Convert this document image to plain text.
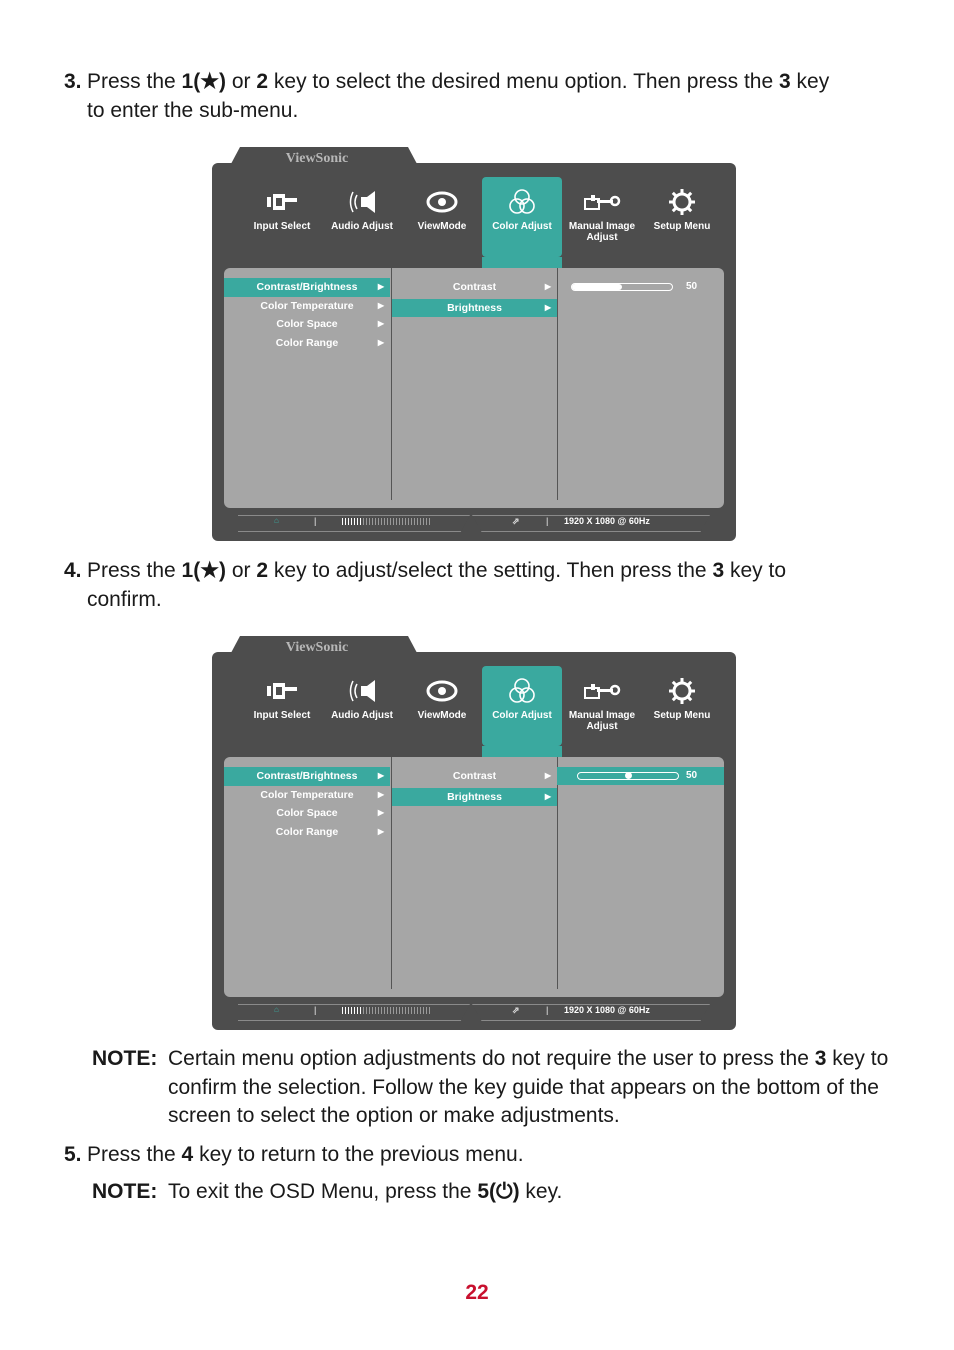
3. Press the 1(★) or 2 key to select the desired menu option. Then press the 3 key
to enter the sub-menu.
ViewSonic
Input Select	Audio Adjust	ViewMode	Color Adjust	Manual Image Adjust
Setup Menu
Contrast/Brightness	▶
Color Temperature	▶
Color Space	▶
Color Range	▶
Contrast	▶
Brightness	▶
50
⌂	|	⇗	| 1920 X 1080 @ 60Hz
4. Press the 1(★) or 2 key to adjust/select the setting. Then press the 3 key to
confirm.
ViewSonic
Input Select	Audio Adjust	ViewMode	Color Adjust	Manual Image Adjust
Setup Menu
Contrast/Brightness	▶
Color Temperature	▶
Color Space	▶
Color Range	▶
Contrast	▶
Brightness	▶
50
⌂	|	⇗	| 1920 X 1080 @ 60Hz
NOTE: Certain menu option adjustments do not require the user to press the 3 key to confirm the selection. Follow the key guide that appears on the bottom of the screen to select the option or make adjustments.
5. Press the 4 key to return to the previous menu.
NOTE: To exit the OSD Menu, press the 5(⏻) key.
22
